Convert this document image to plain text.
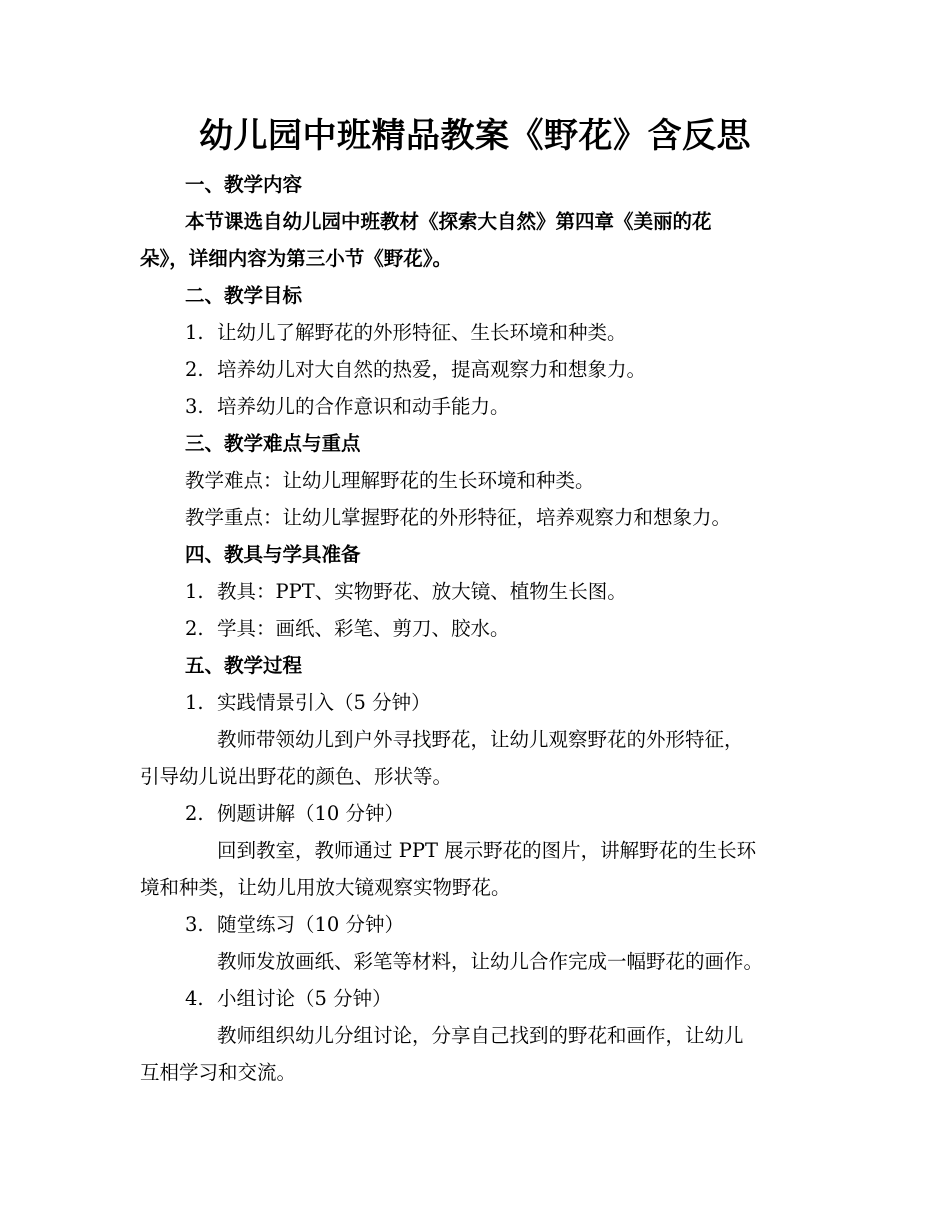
幼儿园中班精品教案《野花》含反思
一、教学内容
本节课选自幼儿园中班教材《探索大自然》第四章《美丽的花
朵》，详细内容为第三小节《野花》。
二、教学目标
1. 让幼儿了解野花的外形特征、生长环境和种类。
2. 培养幼儿对大自然的热爱，提高观察力和想象力。
3. 培养幼儿的合作意识和动手能力。
三、教学难点与重点
教学难点：让幼儿理解野花的生长环境和种类。
教学重点：让幼儿掌握野花的外形特征，培养观察力和想象力。
四、教具与学具准备
1. 教具：PPT、实物野花、放大镜、植物生长图。
2. 学具：画纸、彩笔、剪刀、胶水。
五、教学过程
1. 实践情景引入（5 分钟）
教师带领幼儿到户外寻找野花，让幼儿观察野花的外形特征，
引导幼儿说出野花的颜色、形状等。
2. 例题讲解（10 分钟）
回到教室，教师通过 PPT 展示野花的图片，讲解野花的生长环
境和种类，让幼儿用放大镜观察实物野花。
3. 随堂练习（10 分钟）
教师发放画纸、彩笔等材料，让幼儿合作完成一幅野花的画作。
4. 小组讨论（5 分钟）
教师组织幼儿分组讨论，分享自己找到的野花和画作，让幼儿
互相学习和交流。
